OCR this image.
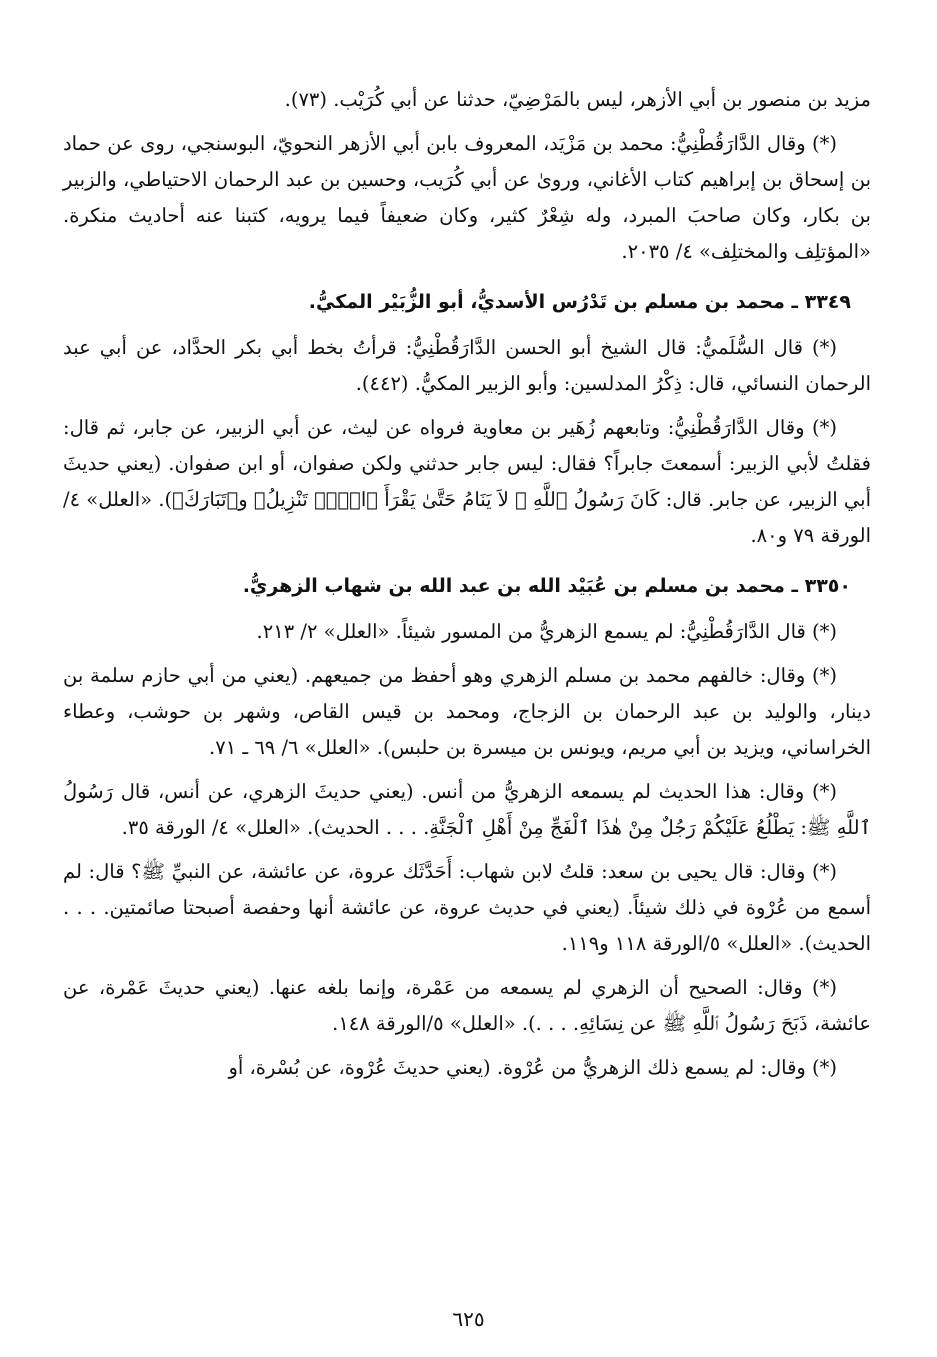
مزيد بن منصور بن أبي الأزهر، ليس بالمَرْضِيّ، حدثنا عن أبي كُرَيْب. (٧٣).

(*) وقال الدَّارَقُطْنِيُّ: محمد بن مَزْيَد، المعروف بابن أبي الأزهر النحويّ، البوسنجي، روى عن حماد بن إسحاق بن إبراهيم كتاب الأغاني، وروىٰ عن أبي كُرَيب، وحسين بن عبد الرحمان الاحتياطي، والزبير بن بكار، وكان صاحبَ المبرد، وله شِعْرٌ كثير، وكان ضعيفاً فيما يرويه، كتبنا عنه أحاديث منكرة. «المؤتلِف والمختلِف» ٤/ ٢٠٣٥.

٣٣٤٩ ـ محمد بن مسلم بن تَدْرُس الأسديُّ، أبو الزُّبَيْر المكيُّ.

(*) قال السُّلَميُّ: قال الشيخ أبو الحسن الدَّارَقُطْنِيُّ: قرأتُ بخط أبي بكر الحدَّاد، عن أبي عبد الرحمان النسائي، قال: ذِكْرُ المدلسين: وأبو الزبير المكيُّ. (٤٤٢).

(*) وقال الدَّارَقُطْنِيُّ: وتابعهم زُهَير بن معاوية فرواه عن ليث، عن أبي الزبير، عن جابر، ثم قال: فقلتُ لأبي الزبير: أسمعتَ جابراً؟ فقال: ليس جابر حدثني ولكن صفوان، أو ابن صفوان. (يعني حديثَ أبي الزبير، عن جابر. قال: كَانَ رَسُولُ ٱللَّهِ ﷺ لاَ يَنَامُ حَتَّىٰ يَقْرَأَ ﴿الۤمۤ تَنْزِيلُ﴾ و﴿تَبَارَكَ﴾). «العلل» ٤/الورقة ٧٩ و٨٠.

٣٣٥٠ ـ محمد بن مسلم بن عُبَيْد الله بن عبد الله بن شهاب الزهريُّ.

(*) قال الدَّارَقُطْنِيُّ: لم يسمع الزهريُّ من المسور شيئاً. «العلل» ٢/ ٢١٣.

(*) وقال: خالفهم محمد بن مسلم الزهري وهو أحفظ من جميعهم. (يعني من أبي حازم سلمة بن دينار، والوليد بن عبد الرحمان بن الزجاج، ومحمد بن قيس القاص، وشهر بن حوشب، وعطاء الخراساني، ويزيد بن أبي مريم، ويونس بن ميسرة بن حلبس). «العلل» ٦/ ٦٩ ـ ٧١.

(*) وقال: هذا الحديث لم يسمعه الزهريُّ من أنس. (يعني حديثَ الزهري، عن أنس، قال رَسُولُ ٱللَّهِ ﷺ: يَطْلُعُ عَلَيْكُمْ رَجُلٌ مِنْ هٰذَا ٱلْفَجِّ مِنْ أَهْلِ ٱلْجَنَّةِ. . . . الحديث). «العلل» ٤/ الورقة ٣٥.

(*) وقال: قال يحيى بن سعد: قلتُ لابن شهاب: أَحَدَّثَك عروة، عن عائشة، عن النبيِّ ﷺ؟ قال: لم أسمع من عُرْوة في ذلك شيئاً. (يعني في حديث عروة، عن عائشة أنها وحفصة أصبحتا صائمتين. . . . الحديث). «العلل» ٥/الورقة ١١٨ و١١٩.

(*) وقال: الصحيح أن الزهري لم يسمعه من عَمْرة، وإنما بلغه عنها. (يعني حديثَ عَمْرة، عن عائشة، ذَبَحَ رَسُولُ ٱللَّهِ ﷺ عن نِسَائِهِ. . . .). «العلل» ٥/الورقة ١٤٨.

(*) وقال: لم يسمع ذلك الزهريُّ من عُرْوة. (يعني حديثَ عُرْوة، عن بُسْرة، أو

٦٢٥
